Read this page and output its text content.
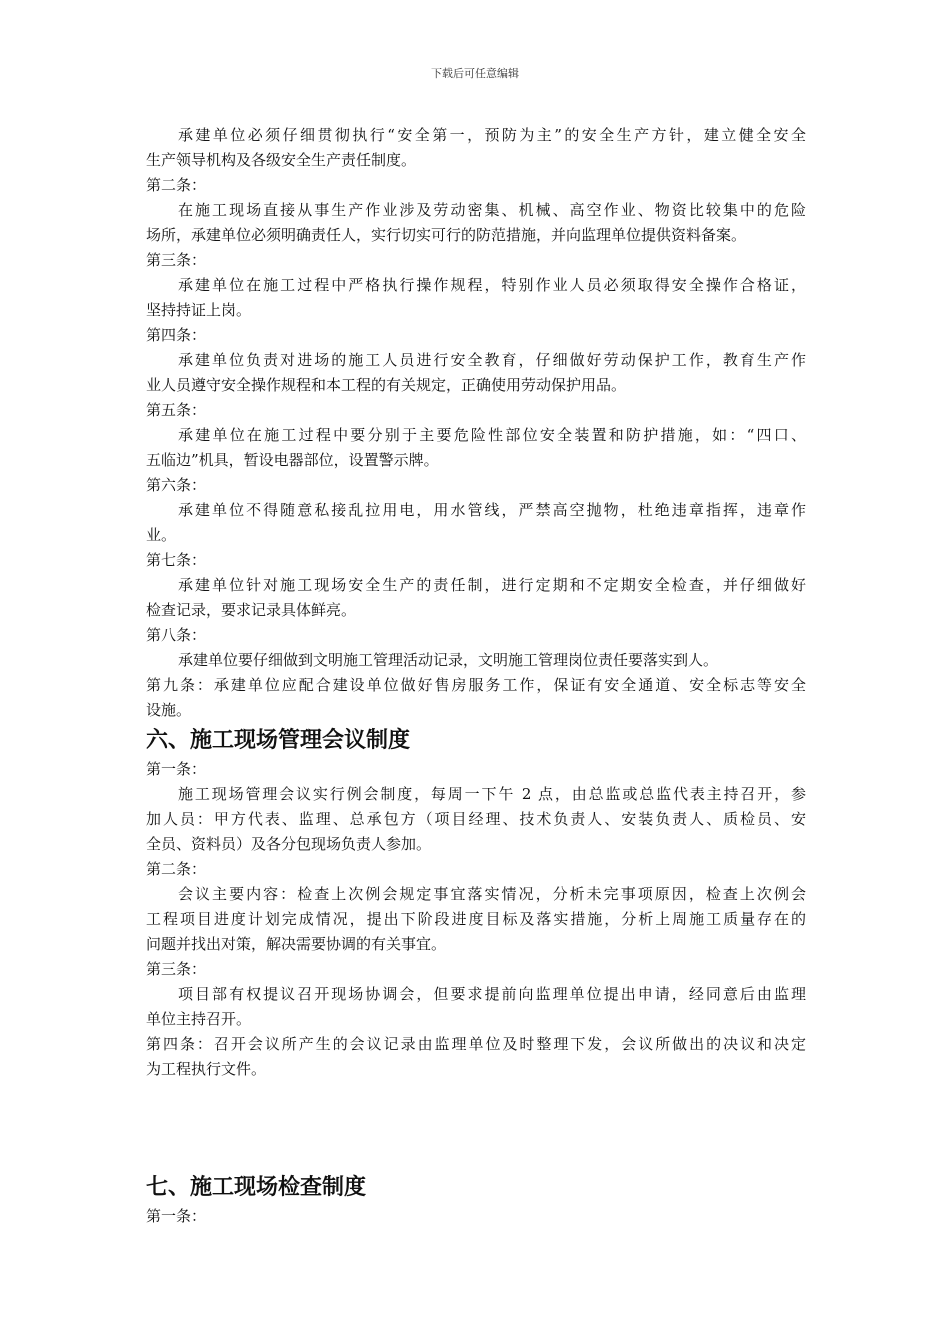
下载后可任意编辑
承建单位必须仔细贯彻执行“安全第一，预防为主”的安全生产方针，建立健全安全
生产领导机构及各级安全生产责任制度。
第二条：
在施工现场直接从事生产作业涉及劳动密集、机械、高空作业、物资比较集中的危险
场所，承建单位必须明确责任人，实行切实可行的防范措施，并向监理单位提供资料备案。
第三条：
承建单位在施工过程中严格执行操作规程，特别作业人员必须取得安全操作合格证，
坚持持证上岗。
第四条：
承建单位负责对进场的施工人员进行安全教育，仔细做好劳动保护工作，教育生产作
业人员遵守安全操作规程和本工程的有关规定，正确使用劳动保护用品。
第五条：
承建单位在施工过程中要分别于主要危险性部位安全装置和防护措施，如：“四口、
五临边”机具，暂设电器部位，设置警示牌。
第六条：
承建单位不得随意私接乱拉用电，用水管线，严禁高空抛物，杜绝违章指挥，违章作
业。
第七条：
承建单位针对施工现场安全生产的责任制，进行定期和不定期安全检查，并仔细做好
检查记录，要求记录具体鲜亮。
第八条：
承建单位要仔细做到文明施工管理活动记录，文明施工管理岗位责任要落实到人。
第九条：承建单位应配合建设单位做好售房服务工作，保证有安全通道、安全标志等安全
设施。
六、施工现场管理会议制度
第一条：
施工现场管理会议实行例会制度，每周一下午 2 点，由总监或总监代表主持召开，参
加人员：甲方代表、监理、总承包方（项目经理、技术负责人、安装负责人、质检员、安
全员、资料员）及各分包现场负责人参加。
第二条：
会议主要内容：检查上次例会规定事宜落实情况，分析未完事项原因，检查上次例会
工程项目进度计划完成情况，提出下阶段进度目标及落实措施，分析上周施工质量存在的
问题并找出对策，解决需要协调的有关事宜。
第三条：
项目部有权提议召开现场协调会，但要求提前向监理单位提出申请，经同意后由监理
单位主持召开。
第四条：召开会议所产生的会议记录由监理单位及时整理下发，会议所做出的决议和决定
为工程执行文件。
七、施工现场检查制度
第一条：
